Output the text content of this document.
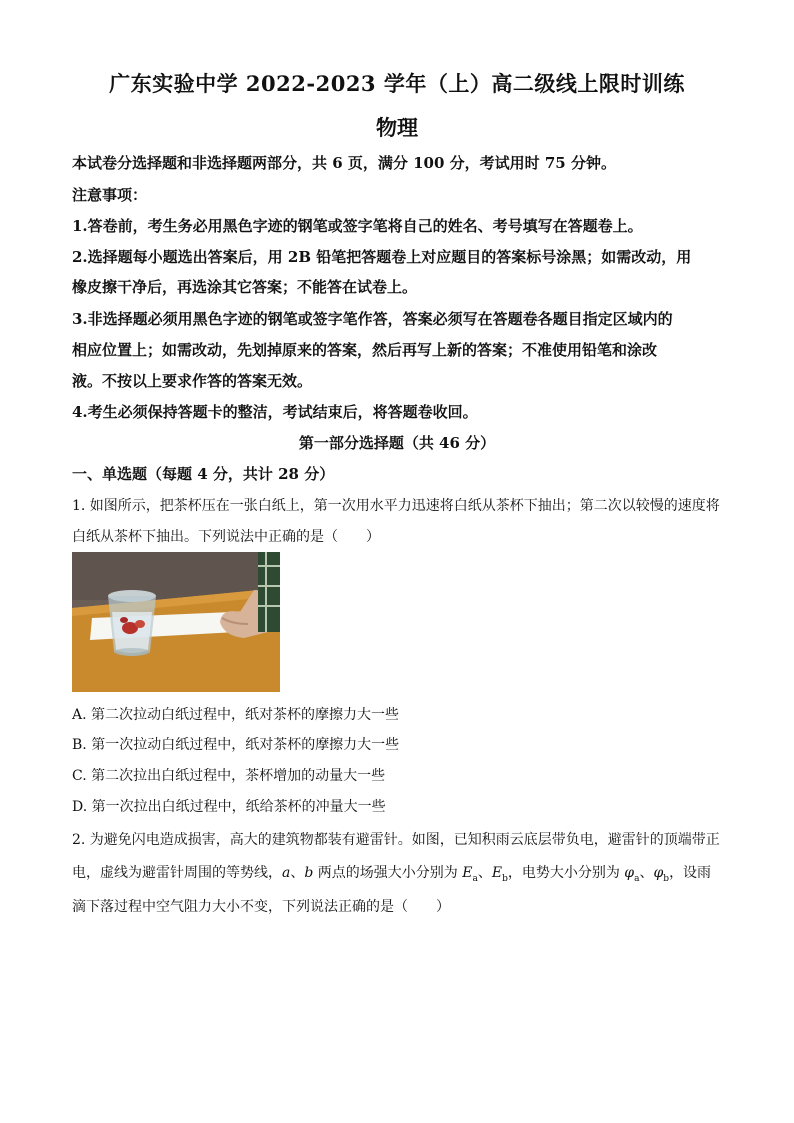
广东实验中学 2022-2023 学年（上）高二级线上限时训练
物理
本试卷分选择题和非选择题两部分，共 6 页，满分 100 分，考试用时 75 分钟。
注意事项：
1.答卷前，考生务必用黑色字迹的钢笔或签字笔将自己的姓名、考号填写在答题卷上。
2.选择题每小题选出答案后，用 2B 铅笔把答题卷上对应题目的答案标号涂黑；如需改动，用
橡皮擦干净后，再选涂其它答案；不能答在试卷上。
3.非选择题必须用黑色字迹的钢笔或签字笔作答，答案必须写在答题卷各题目指定区域内的
相应位置上；如需改动，先划掉原来的答案，然后再写上新的答案；不准使用铅笔和涂改
液。不按以上要求作答的答案无效。
4.考生必须保持答题卡的整洁，考试结束后，将答题卷收回。
第一部分选择题（共 46 分）
一、单选题（每题 4 分，共计 28 分）
1. 如图所示，把茶杯压在一张白纸上，第一次用水平力迅速将白纸从茶杯下抽出；第二次以较慢的速度将
白纸从茶杯下抽出。下列说法中正确的是（　　）
A. 第二次拉动白纸过程中，纸对茶杯的摩擦力大一些
B. 第一次拉动白纸过程中，纸对茶杯的摩擦力大一些
C. 第二次拉出白纸过程中，茶杯增加的动量大一些
D. 第一次拉出白纸过程中，纸给茶杯的冲量大一些
2. 为避免闪电造成损害，高大的建筑物都装有避雷针。如图，已知积雨云底层带负电，避雷针的顶端带正
电，虚线为避雷针周围的等势线，a、b 两点的场强大小分别为 $E_a$、$E_b$，电势大小分别为 $\varphi_a$、$\varphi_b$，设雨
滴下落过程中空气阻力大小不变，下列说法正确的是（　　）
